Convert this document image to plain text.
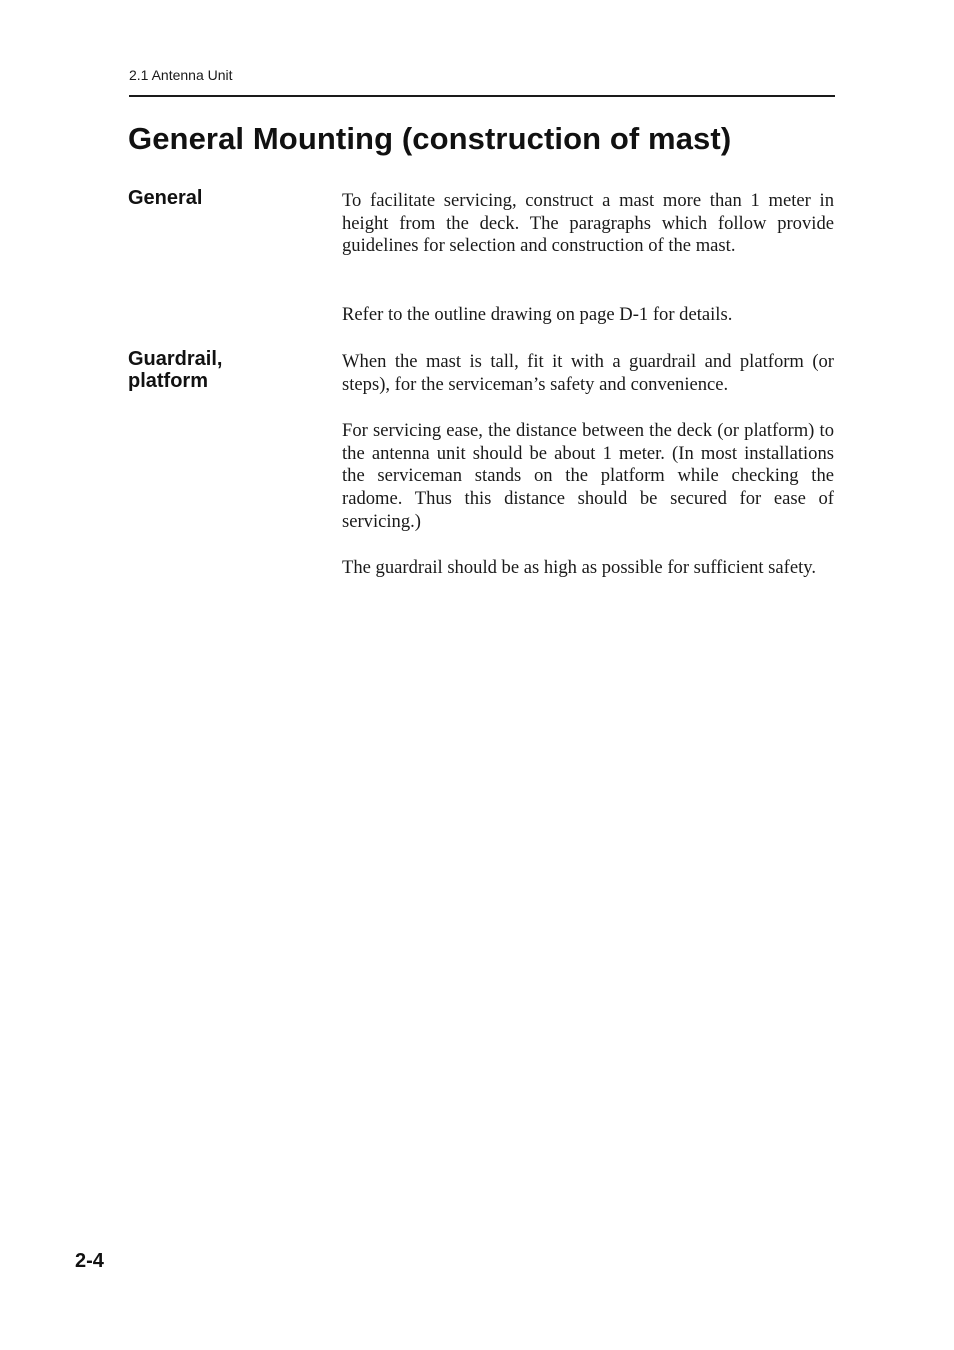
2.1 Antenna Unit
General Mounting (construction of mast)
General	To facilitate servicing, construct a mast more than 1 meter in height from the deck. The paragraphs which follow provide guidelines for selection and construction of the mast.

Refer to the outline drawing on page D-1 for details.

Guardrail,
platform

When the mast is tall, fit it with a guardrail and platform (or steps), for the serviceman’s safety and convenience.

For servicing ease, the distance between the deck (or platform) to the antenna unit should be about 1 meter. (In most installations the serviceman stands on the platform while checking the radome. Thus this distance should be secured for ease of servicing.)

The guardrail should be as high as possible for sufficient safety.

2-4
